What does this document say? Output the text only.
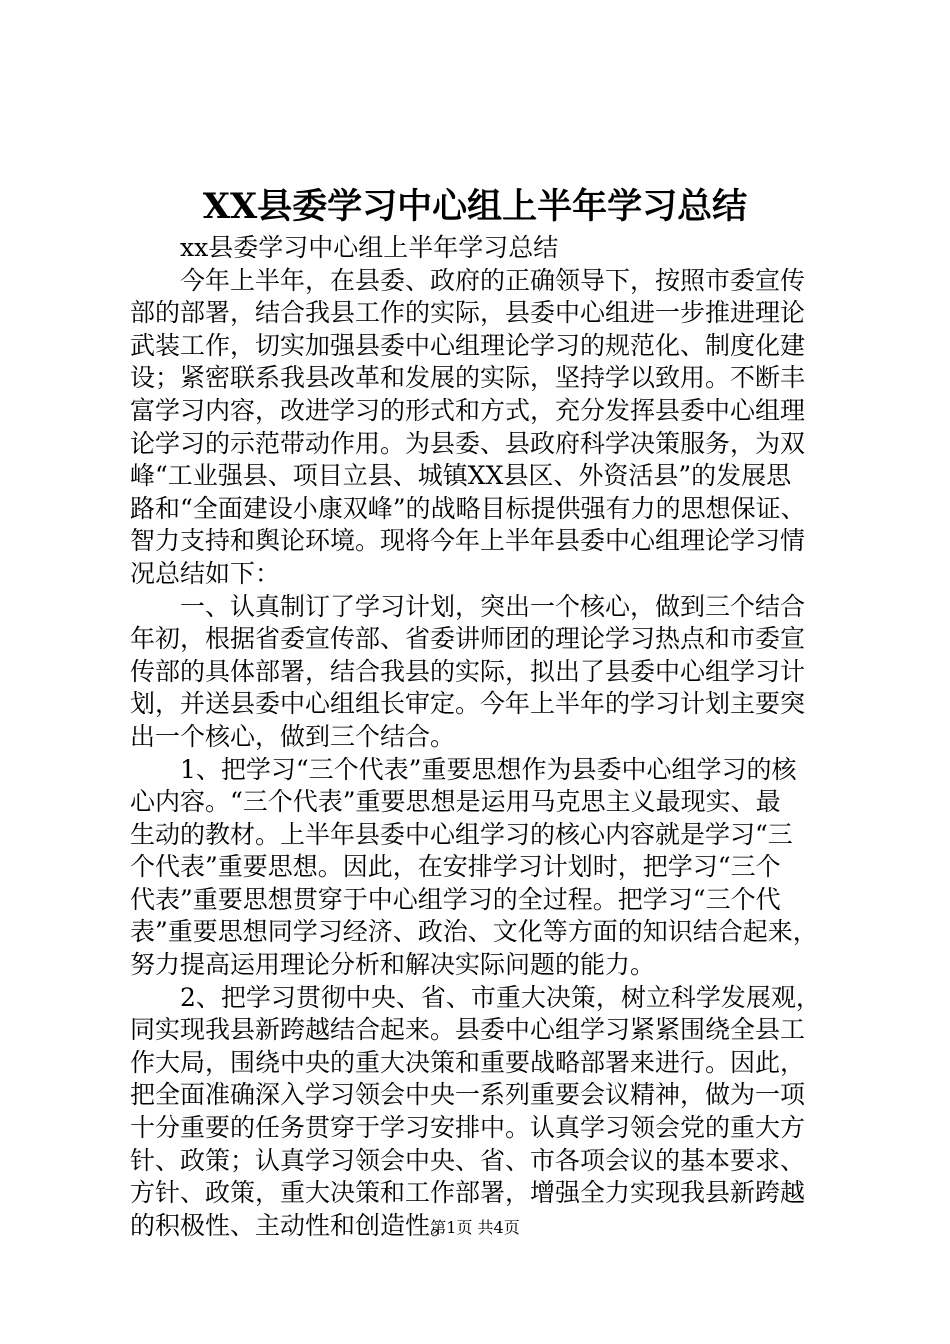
XX县委学习中心组上半年学习总结
　　xx县委学习中心组上半年学习总结
　　今年上半年，在县委、政府的正确领导下，按照市委宣传
部的部署，结合我县工作的实际，县委中心组进一步推进理论
武装工作，切实加强县委中心组理论学习的规范化、制度化建
设；紧密联系我县改革和发展的实际，坚持学以致用。不断丰
富学习内容，改进学习的形式和方式，充分发挥县委中心组理
论学习的示范带动作用。为县委、县政府科学决策服务，为双
峰“工业强县、项目立县、城镇XX县区、外资活县”的发展思
路和“全面建设小康双峰”的战略目标提供强有力的思想保证、
智力支持和舆论环境。现将今年上半年县委中心组理论学习情
况总结如下：
　　一、认真制订了学习计划，突出一个核心，做到三个结合
年初，根据省委宣传部、省委讲师团的理论学习热点和市委宣
传部的具体部署，结合我县的实际，拟出了县委中心组学习计
划，并送县委中心组组长审定。今年上半年的学习计划主要突
出一个核心，做到三个结合。
　　1、把学习“三个代表”重要思想作为县委中心组学习的核
心内容。“三个代表”重要思想是运用马克思主义最现实、最
生动的教材。上半年县委中心组学习的核心内容就是学习“三
个代表”重要思想。因此，在安排学习计划时，把学习“三个
代表”重要思想贯穿于中心组学习的全过程。把学习“三个代
表”重要思想同学习经济、政治、文化等方面的知识结合起来，
努力提高运用理论分析和解决实际问题的能力。
　　2、把学习贯彻中央、省、市重大决策，树立科学发展观，
同实现我县新跨越结合起来。县委中心组学习紧紧围绕全县工
作大局，围绕中央的重大决策和重要战略部署来进行。因此，
把全面准确深入学习领会中央一系列重要会议精神，做为一项
十分重要的任务贯穿于学习安排中。认真学习领会党的重大方
针、政策；认真学习领会中央、省、市各项会议的基本要求、
方针、政策，重大决策和工作部署，增强全力实现我县新跨越
的积极性、主动性和创造性。
第1页 共4页
